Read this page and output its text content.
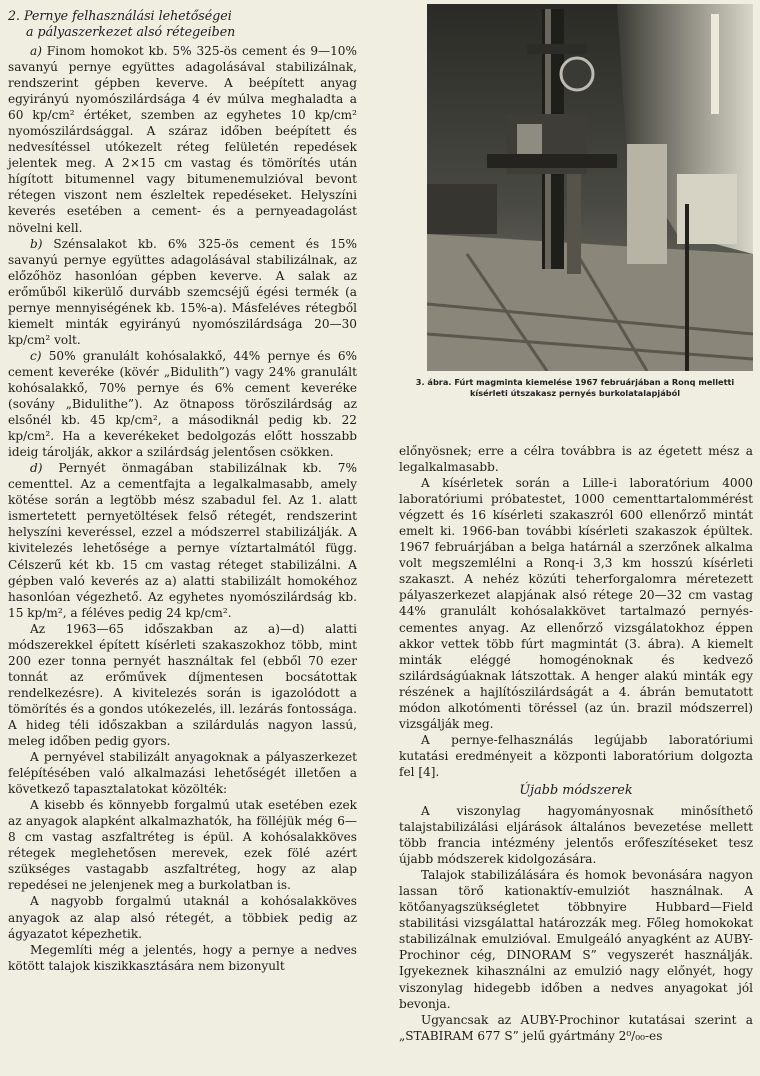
2. Pernye felhasználási lehetőségei
a pályaszerkezet alsó rétegeiben

a) Finom homokot kb. 5% 325-ös cement és 9—10% savanyú pernye együttes adagolásával stabilizálnak, rendszerint gépben keverve. A beépített anyag egyirányú nyomószilárdsága 4 év múlva meghaladta a 60 kp/cm² értéket, szemben az egyhetes 10 kp/cm² nyomószilárdsággal. A száraz időben beépített és nedvesítéssel utókezelt réteg felületén repedések jelentek meg. A 2×15 cm vastag és tömörítés után hígított bitumennel vagy bitumenemulzióval bevont rétegen viszont nem észleltek repedéseket. Helyszíni keverés esetében a cement- és a pernyeadagolást növelni kell.

b) Szénsalakot kb. 6% 325-ös cement és 15% savanyú pernye együttes adagolásával stabilizálnak, az előzőhöz hasonlóan gépben keverve. A salak az erőműből kikerülő durvább szemcséjű égési termék (a pernye mennyiségének kb. 15%-a). Másfeléves rétegből kiemelt minták egyirányú nyomószilárdsága 20—30 kp/cm² volt.

c) 50% granulált kohósalakkő, 44% pernye és 6% cement keveréke (kövér „Bidulith”) vagy 24% granulált kohósalakkő, 70% pernye és 6% cement keveréke (sovány „Bidulithe”). Az ötnaposs törőszilárdság az elsőnél kb. 45 kp/cm², a másodiknál pedig kb. 22 kp/cm². Ha a keverékeket bedolgozás előtt hosszabb ideig tárolják, akkor a szilárdság jelentősen csökken.

d) Pernyét önmagában stabilizálnak kb. 7% cementtel. Az a cementfajta a legalkalmasabb, amely kötése során a legtöbb mész szabadul fel. Az 1. alatt ismertetett pernyetöltések felső rétegét, rendszerint helyszíni keveréssel, ezzel a módszerrel stabilizálják. A kivitelezés lehetősége a pernye víztartalmától függ. Célszerű két kb. 15 cm vastag réteget stabilizálni. A gépben való keverés az a) alatti stabilizált homokéhoz hasonlóan végezhető. Az egyhetes nyomószilárdság kb. 15 kp/m², a féléves pedig 24 kp/cm².

Az 1963—65 időszakban az a)—d) alatti módszerekkel épített kísérleti szakaszokhoz több, mint 200 ezer tonna pernyét használtak fel (ebből 70 ezer tonnát az erőművek díjmentesen bocsátottak rendelkezésre). A kivitelezés során is igazolódott a tömörítés és a gondos utókezelés, ill. lezárás fontossága. A hideg téli időszakban a szilárdulás nagyon lassú, meleg időben pedig gyors.

A pernyével stabilizált anyagoknak a pályaszerkezet felépítésében való alkalmazási lehetőségét illetően a következő tapasztalatokat közölték:

A kisebb és könnyebb forgalmú utak esetében ezek az anyagok alapként alkalmazhatók, ha fölléjük még 6—8 cm vastag aszfaltréteg is épül. A kohósalakköves rétegek meglehetősen merevek, ezek fölé azért szükséges vastagabb aszfaltréteg, hogy az alap repedései ne jelenjenek meg a burkolatban is.

A nagyobb forgalmú utaknál a kohósalakköves anyagok az alap alsó rétegét, a többiek pedig az ágyazatot képezhetik.

Megemlíti még a jelentés, hogy a pernye a nedves kötött talajok kiszikkasztására nem bizonyult

3. ábra. Fúrt magminta kiemelése 1967 februárjában a Ronq melletti
kísérleti útszakasz pernyés burkolatalapjából

előnyösnek; erre a célra továbbra is az égetett mész a legalkalmasabb.

A kísérletek során a Lille-i laboratórium 4000 laboratóriumi próbatestet, 1000 cementtartalommérést végzett és 16 kísérleti szakaszról 600 ellenőrző mintát emelt ki. 1966-ban további kísérleti szakaszok épültek. 1967 februárjában a belga határnál a szerzőnek alkalma volt megszemlélni a Ronq-i 3,3 km hosszú kísérleti szakaszt. A nehéz közúti teherforgalomra méretezett pályaszerkezet alapjának alsó rétege 20—32 cm vastag 44% granulált kohósalakkövet tartalmazó pernyés-cementes anyag. Az ellenőrző vizsgálatokhoz éppen akkor vettek több fúrt magmintát (3. ábra). A kiemelt minták eléggé homogénoknak és kedvező szilárdságúaknak látszottak. A henger alakú minták egy részének a hajlítószilárdságát a 4. ábrán bemutatott módon alkotómenti töréssel (az ún. brazil módszerrel) vizsgálják meg.

A pernye-felhasználás legújabb laboratóriumi kutatási eredményeit a központi laboratórium dolgozta fel [4].

Újabb módszerek

A viszonylag hagyományosnak minősíthető talajstabilizálási eljárások általános bevezetése mellett több francia intézmény jelentős erőfeszítéseket tesz újabb módszerek kidolgozására.

Talajok stabilizálására és homok bevonására nagyon lassan törő kationaktív-emulziót használnak. A kötőanyagszükségletet többnyire Hubbard—Field stabilitási vizsgálattal határozzák meg. Főleg homokokat stabilizálnak emulzióval. Emulgeáló anyagként az AUBY-Prochinor cég, DINORAM S” vegyszerét használják. Igyekeznek kihasználni az emulzió nagy előnyét, hogy viszonylag hidegebb időben a nedves anyagokat jól bevonja.

Ugyancsak az AUBY-Prochinor kutatásai szerint a „STABIRAM 677 S” jelű gyártmány 2⁰/₀₀-es
